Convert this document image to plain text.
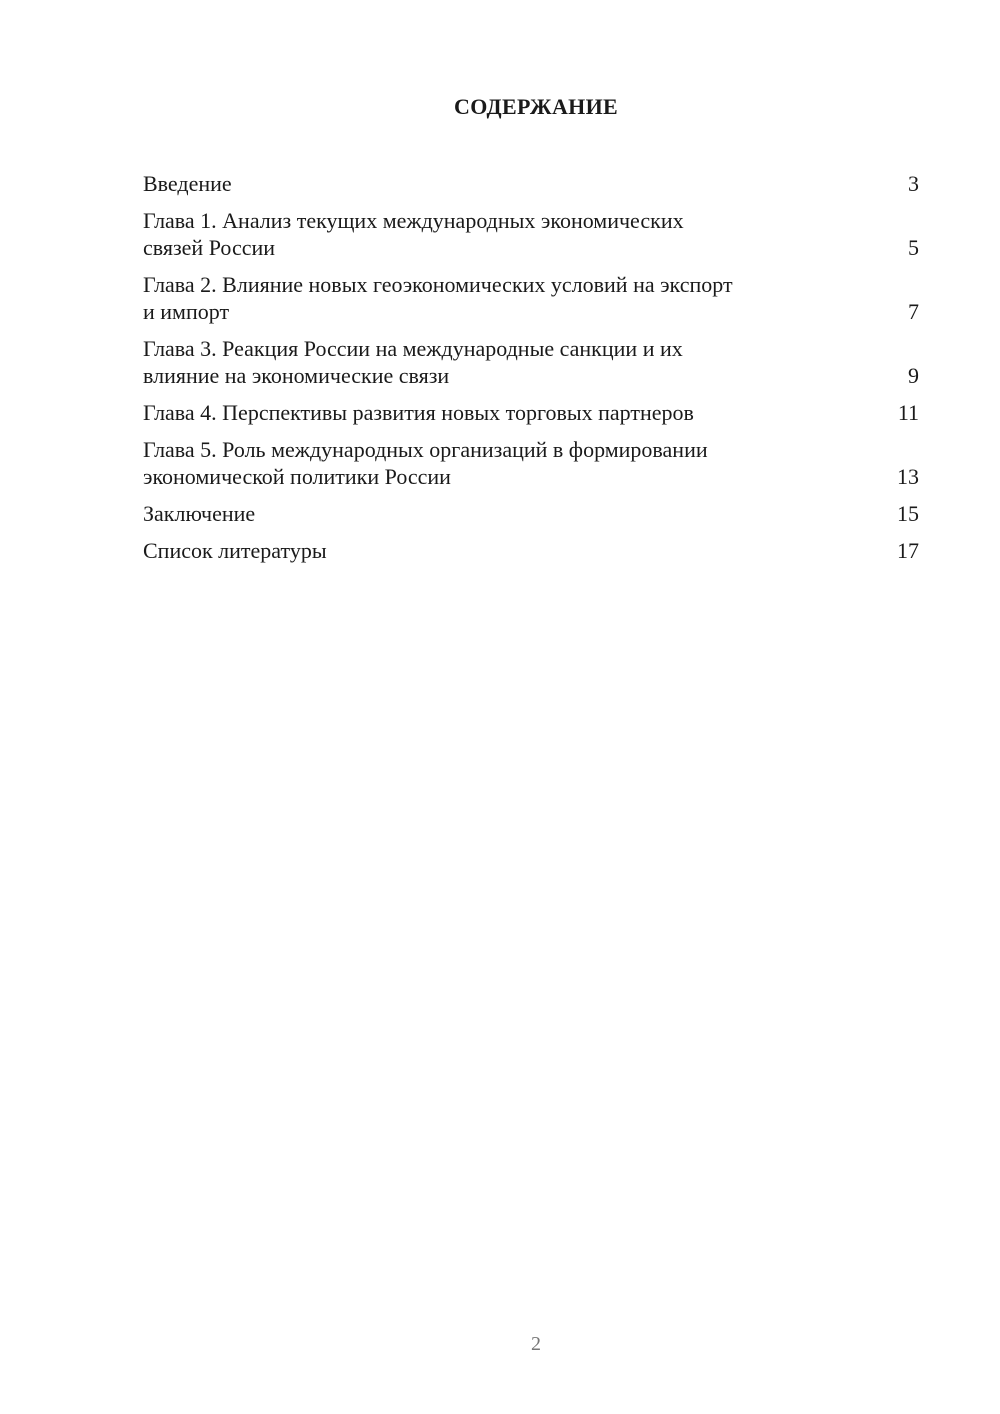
СОДЕРЖАНИЕ
Введение	3
Глава 1. Анализ текущих международных экономических
связей России	5
Глава 2. Влияние новых геоэкономических условий на экспорт
и импорт	7
Глава 3. Реакция России на международные санкции и их
влияние на экономические связи	9
Глава 4. Перспективы развития новых торговых партнеров	11
Глава 5. Роль международных организаций в формировании
экономической политики России	13
Заключение	15
Список литературы	17
2
